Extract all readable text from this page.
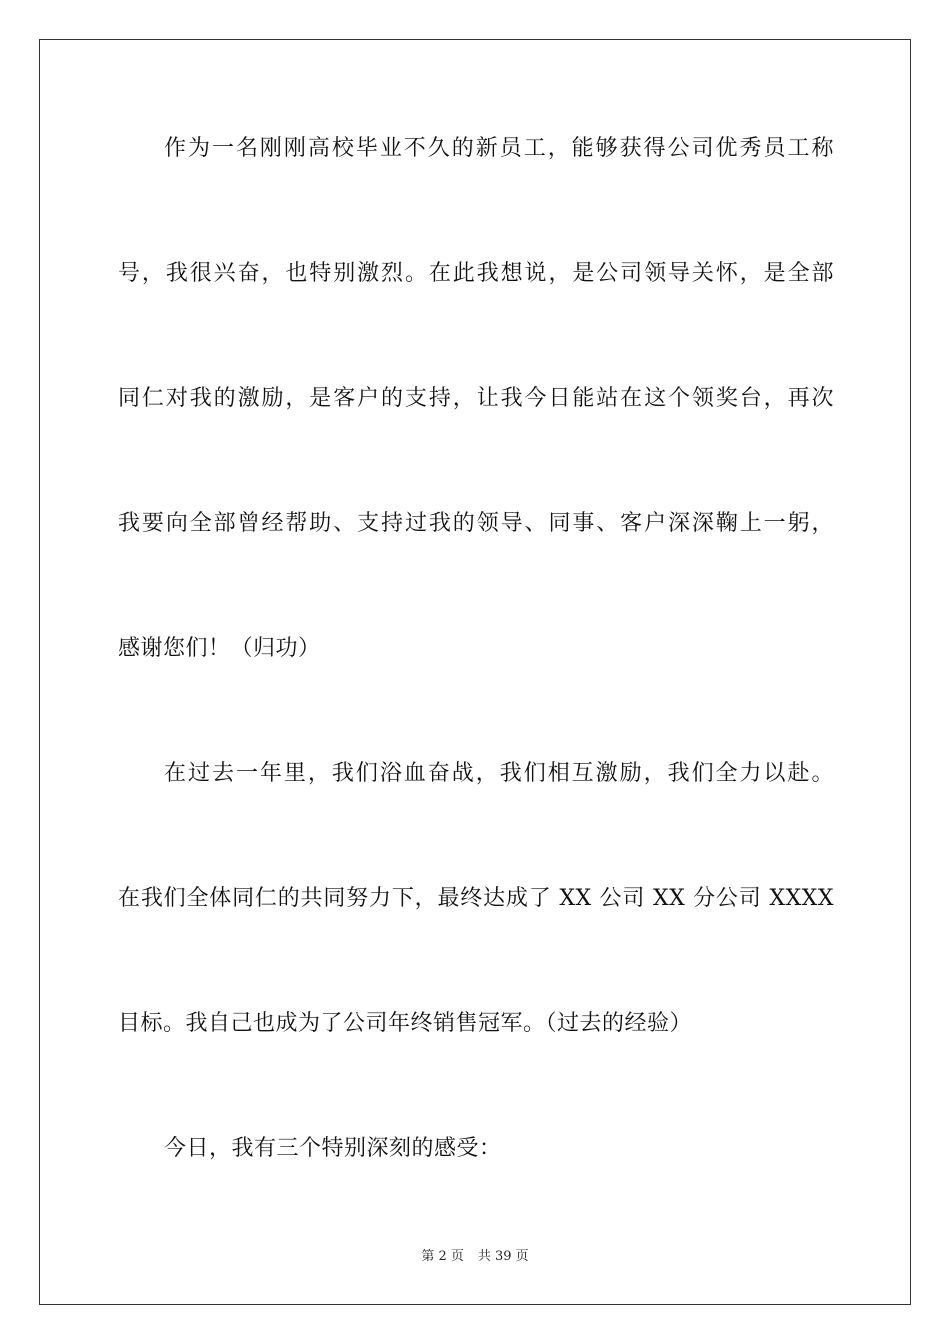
作为一名刚刚高校毕业不久的新员工，能够获得公司优秀员工称
号，我很兴奋，也特别激烈。在此我想说，是公司领导关怀，是全部
同仁对我的激励，是客户的支持，让我今日能站在这个领奖台，再次
我要向全部曾经帮助、支持过我的领导、同事、客户深深鞠上一躬，
感谢您们！（归功）
在过去一年里，我们浴血奋战，我们相互激励，我们全力以赴。
在我们全体同仁的共同努力下，最终达成了 XX 公司 XX 分公司 XXXX
目标。我自己也成为了公司年终销售冠军。（过去的经验）
今日，我有三个特别深刻的感受：
第 2 页 共 39 页
